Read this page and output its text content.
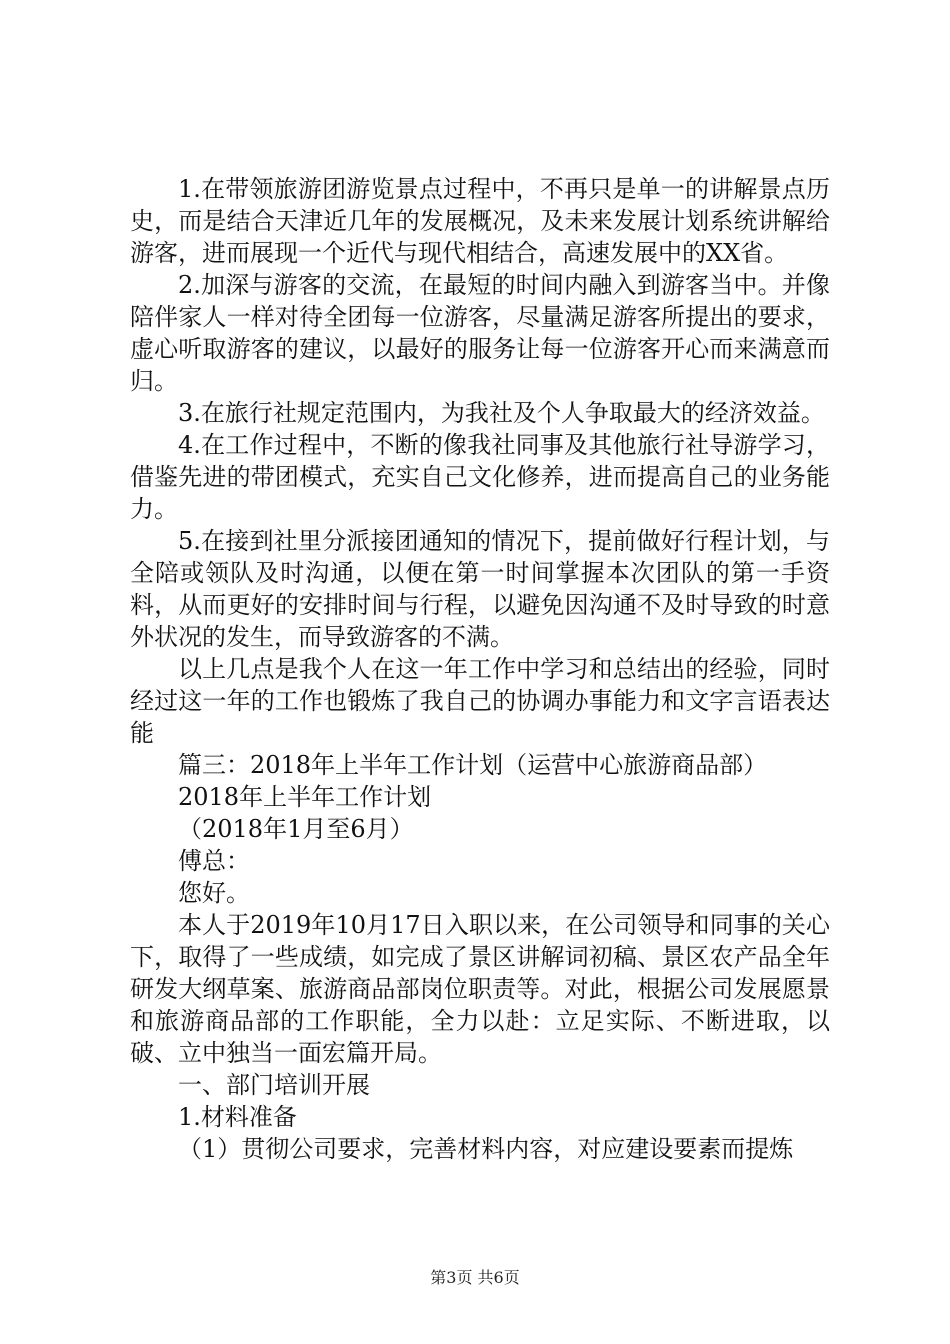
1.在带领旅游团游览景点过程中，不再只是单一的讲解景点历史，而是结合天津近几年的发展概况，及未来发展计划系统讲解给游客，进而展现一个近代与现代相结合，高速发展中的XX省。

2.加深与游客的交流，在最短的时间内融入到游客当中。并像陪伴家人一样对待全团每一位游客，尽量满足游客所提出的要求，虚心听取游客的建议，以最好的服务让每一位游客开心而来满意而归。

3.在旅行社规定范围内，为我社及个人争取最大的经济效益。

4.在工作过程中，不断的像我社同事及其他旅行社导游学习，借鉴先进的带团模式，充实自己文化修养，进而提高自己的业务能力。

5.在接到社里分派接团通知的情况下，提前做好行程计划，与全陪或领队及时沟通，以便在第一时间掌握本次团队的第一手资料，从而更好的安排时间与行程，以避免因沟通不及时导致的时意外状况的发生，而导致游客的不满。

以上几点是我个人在这一年工作中学习和总结出的经验，同时经过这一年的工作也锻炼了我自己的协调办事能力和文字言语表达能

篇三：2018年上半年工作计划（运营中心旅游商品部）

2018年上半年工作计划

（2018年1月至6月）

傅总：

您好。

本人于2019年10月17日入职以来，在公司领导和同事的关心下，取得了一些成绩，如完成了景区讲解词初稿、景区农产品全年研发大纲草案、旅游商品部岗位职责等。对此，根据公司发展愿景和旅游商品部的工作职能，全力以赴：立足实际、不断进取，以破、立中独当一面宏篇开局。

一、部门培训开展

1.材料准备

（1）贯彻公司要求，完善材料内容，对应建设要素而提炼

第3页 共6页
